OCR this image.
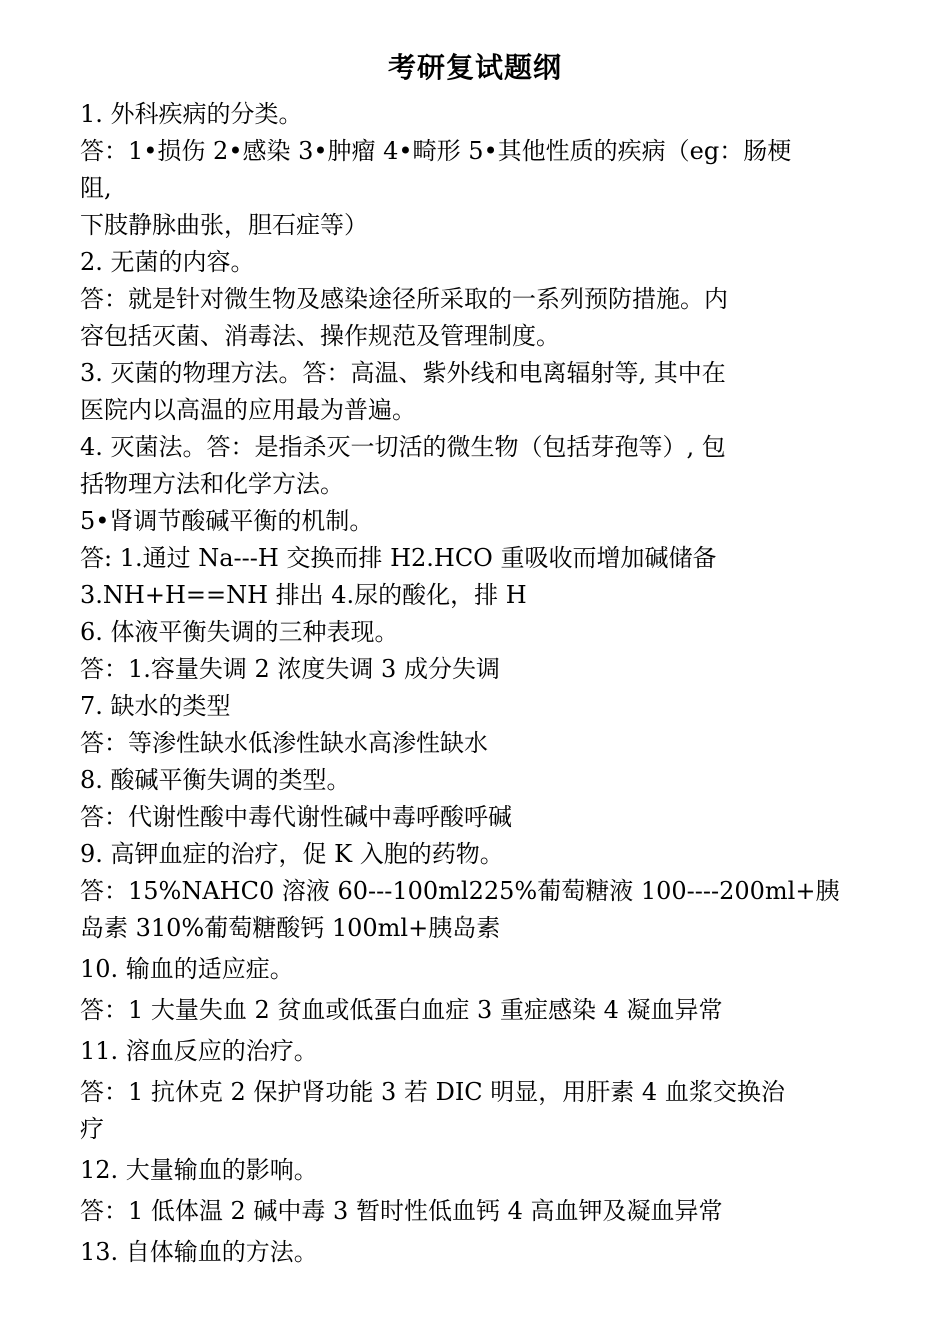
考研复试题纲

1. 外科疾病的分类。

答：1•损伤 2•感染 3•肿瘤 4•畸形 5•其他性质的疾病（eg：肠梗

阻,

下肢静脉曲张，胆石症等）

2. 无菌的内容。

答：就是针对微生物及感染途径所采取的一系列预防措施。内

容包括灭菌、消毒法、操作规范及管理制度。

3. 灭菌的物理方法。答：高温、紫外线和电离辐射等, 其中在

医院内以高温的应用最为普遍。

4. 灭菌法。答：是指杀灭一切活的微生物（包括芽孢等）, 包

括物理方法和化学方法。

5•肾调节酸碱平衡的机制。

答: 1.通过 Na---H 交换而排 H2.HCO 重吸收而增加碱储备

3.NH+H==NH 排出 4.尿的酸化，排 H

6. 体液平衡失调的三种表现。

答：1.容量失调 2 浓度失调 3 成分失调

7. 缺水的类型

答：等渗性缺水低渗性缺水高渗性缺水

8. 酸碱平衡失调的类型。

答：代谢性酸中毒代谢性碱中毒呼酸呼碱

9. 高钾血症的治疗，促 K 入胞的药物。

答：15%NAHC0 溶液 60---100ml225%葡萄糖液 100----200ml+胰

岛素 310%葡萄糖酸钙 100ml+胰岛素

10. 输血的适应症。

答：1 大量失血 2 贫血或低蛋白血症 3 重症感染 4 凝血异常

11. 溶血反应的治疗。

答：1 抗休克 2 保护肾功能 3 若 DIC 明显，用肝素 4 血浆交换治

疗

12. 大量输血的影响。

答：1 低体温 2 碱中毒 3 暂时性低血钙 4 高血钾及凝血异常

13. 自体输血的方法。
